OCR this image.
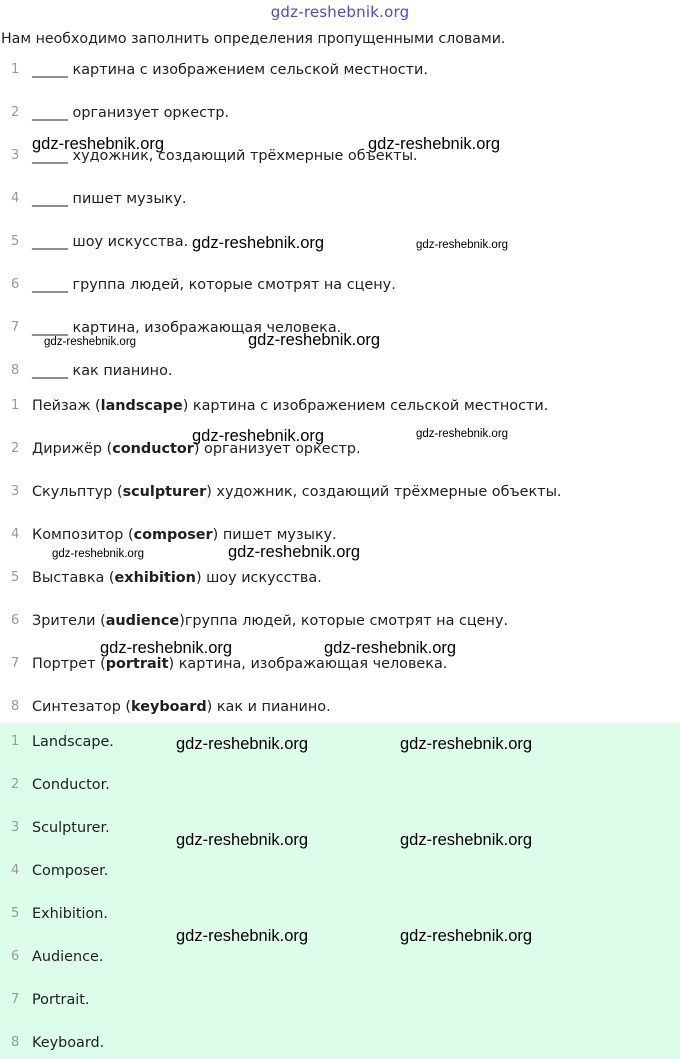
gdz-reshebnik.org
Нам необходимо заполнить определения пропущенными словами.
1 _____ картина с изображением сельской местности.
2 _____ организует оркестр.
3 _____ художник, создающий трёхмерные объекты.
4 _____ пишет музыку.
5 _____ шоу искусства.
6 _____ группа людей, которые смотрят на сцену.
7 _____ картина, изображающая человека.
8 _____ как пианино.
1 Пейзаж (landscape) картина с изображением сельской местности.
2 Дирижёр (conductor) организует оркестр.
3 Скульптур (sculpturer) художник, создающий трёхмерные объекты.
4 Композитор (composer) пишет музыку.
5 Выставка (exhibition) шоу искусства.
6 Зрители (audience)группа людей, которые смотрят на сцену.
7 Портрет (portrait) картина, изображающая человека.
8 Синтезатор (keyboard) как и пианино.
1 Landscape.
2 Conductor.
3 Sculpturer.
4 Composer.
5 Exhibition.
6 Audience.
7 Portrait.
8 Keyboard.
gdz-reshebnik.org	gdz-reshebnik.org
gdz-reshebnik.org	gdz-reshebnik.org
gdz-reshebnik.org	gdz-reshebnik.org
gdz-reshebnik.org	gdz-reshebnik.org
gdz-reshebnik.org	gdz-reshebnik.org
gdz-reshebnik.org	gdz-reshebnik.org
gdz-reshebnik.org	gdz-reshebnik.org
gdz-reshebnik.org	gdz-reshebnik.org
gdz-reshebnik.org	gdz-reshebnik.org
